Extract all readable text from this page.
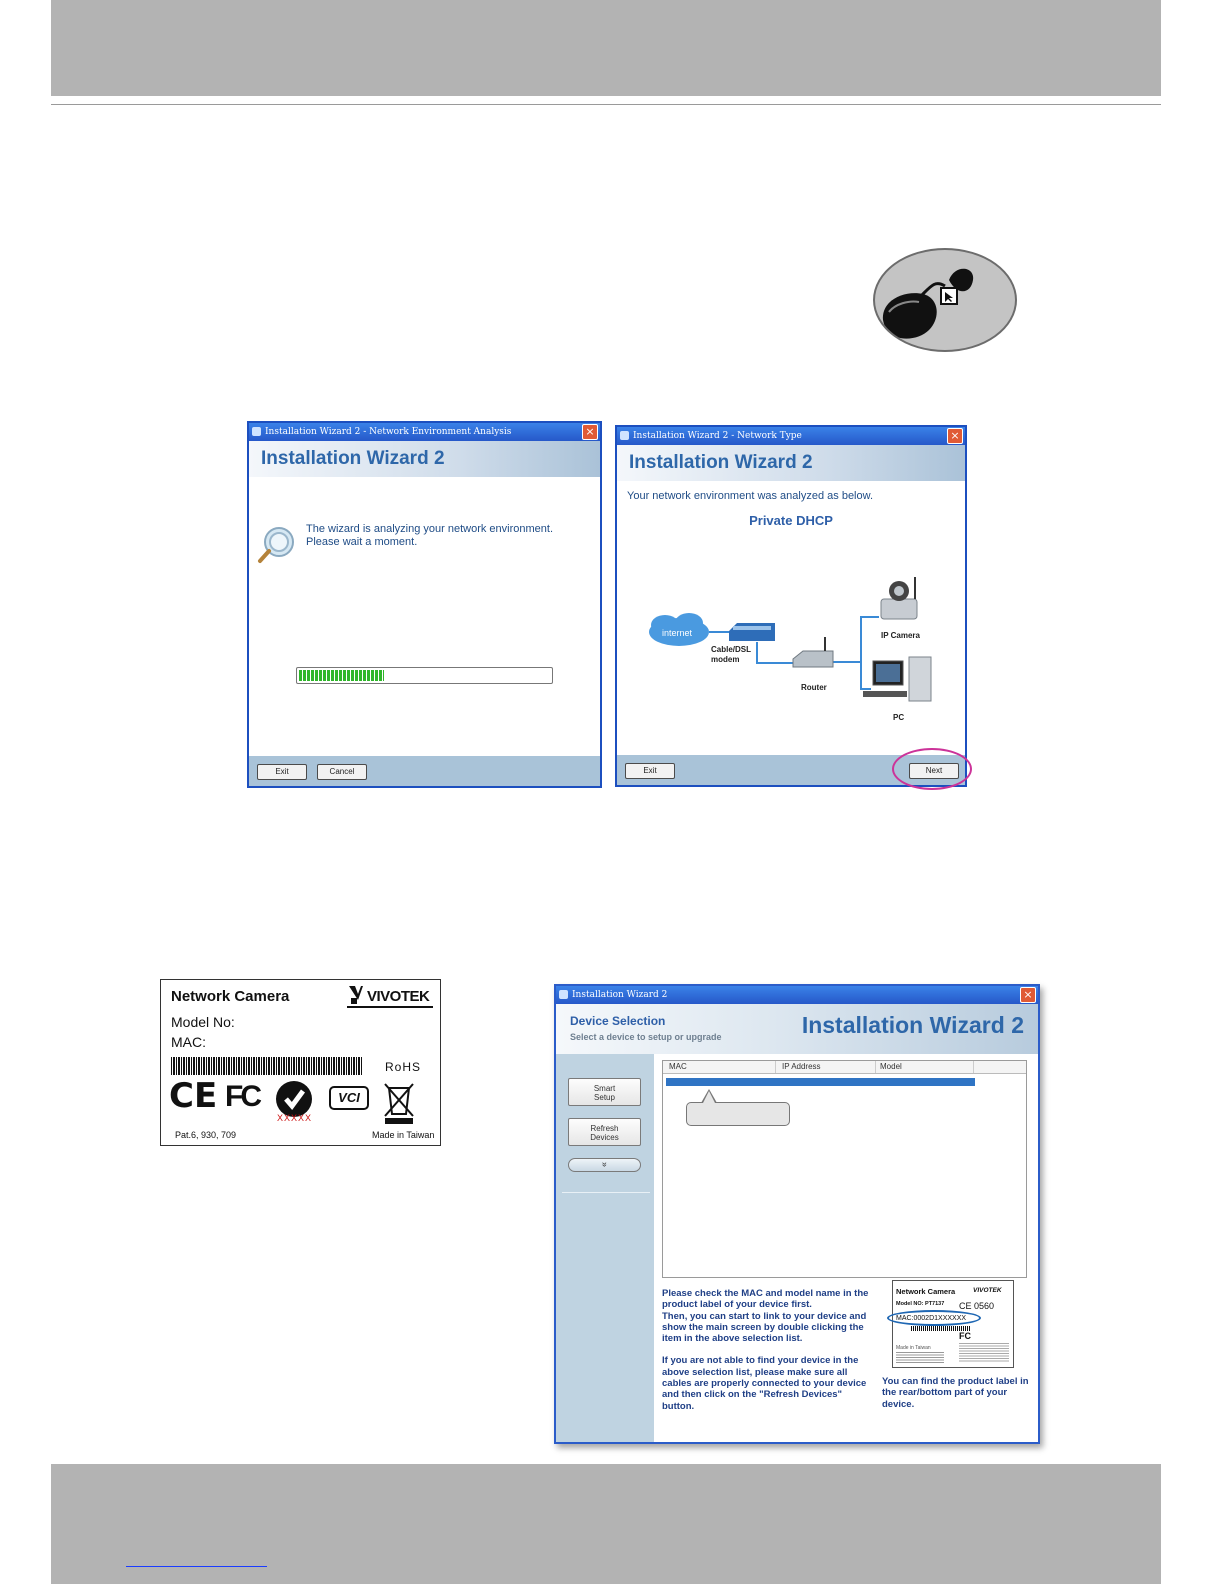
Installation Wizard 2 - Network Environment Analysis	×
Installation Wizard 2
The wizard is analyzing your network environment.
Please wait a moment.
Exit	Cancel
Installation Wizard 2 - Network Type	×
Installation Wizard 2
Your network environment was analyzed as below.
Private DHCP
internet
Cable/DSL
modem
Router
IP Camera
PC
Exit	Next
Network Camera	VIVOTEK
Model No:
MAC:
RoHS
CE FC
XXXXX
VCI
Pat.6, 930, 709	Made in Taiwan
Installation Wizard 2	×
Device Selection
Select a device to setup or upgrade	Installation Wizard 2
Smart
Setup
Refresh
Devices
»
MAC	IP Address	Model
Please check the MAC and model name in the
product label of your device first.
Then, you can start to link to your device and
show the main screen by double clicking the
item in the above selection list.
If you are not able to find your device in the
above selection list, please make sure all
cables are properly connected to your device
and then click on the "Refresh Devices"
button.
Network Camera	VIVOTEK
Model NO: PT7137 CE 0560
MAC:0002D1XXXXXX
FC
Made in Taiwan
You can find the product label in
the rear/bottom part of your
device.
